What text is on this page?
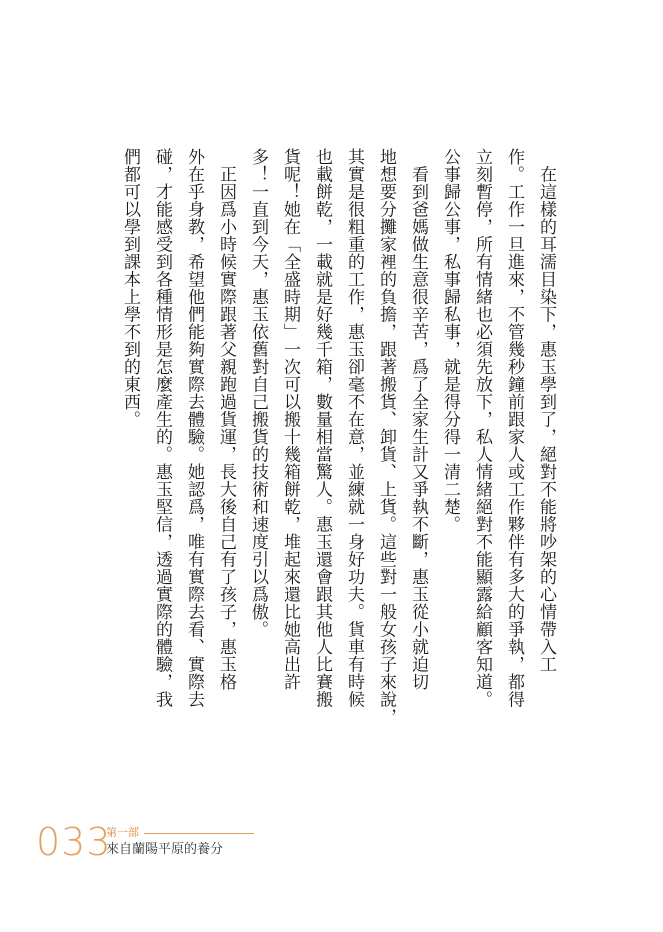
　在這樣的耳濡目染下，惠玉學到了，絕對不能將吵架的心情帶入工

作。工作一旦進來，不管幾秒鐘前跟家人或工作夥伴有多大的爭執，都得

立刻暫停，所有情緒也必須先放下，私人情緒絕對不能顯露給顧客知道。

公事歸公事，私事歸私事，就是得分得一清二楚。

　看到爸媽做生意很辛苦，爲了全家生計又爭執不斷，惠玉從小就迫切

地想要分攤家裡的負擔，跟著搬貨、卸貨、上貨。這些對一般女孩子來說，

其實是很粗重的工作，惠玉卻毫不在意，並練就一身好功夫。貨車有時候

也載餅乾，一載就是好幾千箱，數量相當驚人。惠玉還會跟其他人比賽搬

貨呢！她在「全盛時期」一次可以搬十幾箱餅乾，堆起來還比她高出許

多！一直到今天，惠玉依舊對自己搬貨的技術和速度引以爲傲。

　正因爲小時候實際跟著父親跑過貨運，長大後自己有了孩子，惠玉格

外在乎身教，希望他們能夠實際去體驗。她認爲，唯有實際去看、實際去

碰，才能感受到各種情形是怎麼產生的。惠玉堅信，透過實際的體驗，我

們都可以學到課本上學不到的東西。

033
第一部
來自蘭陽平原的養分
